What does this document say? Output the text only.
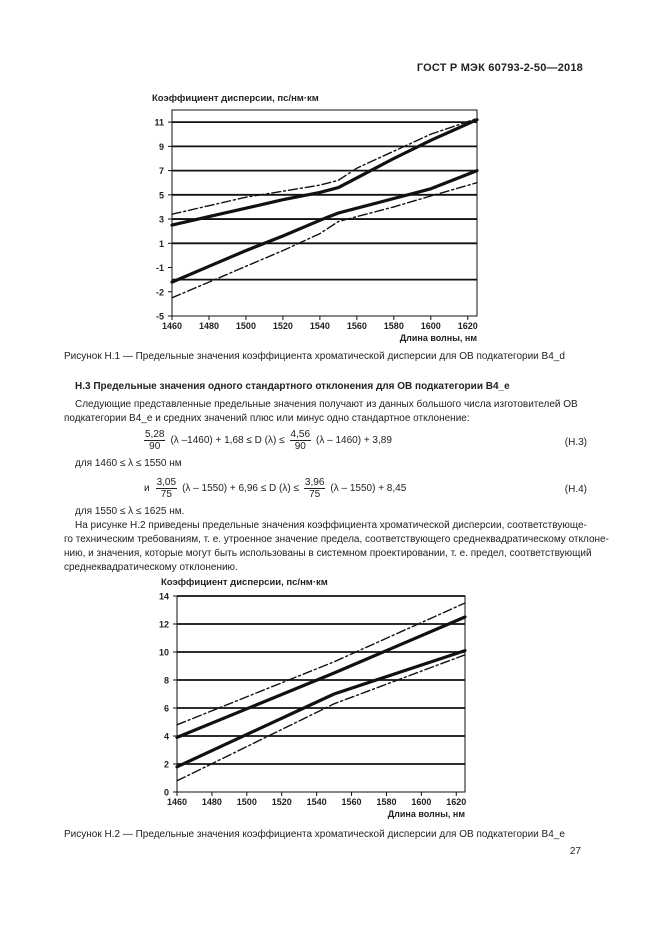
ГОСТ Р МЭК 60793-2-50—2018
Коэффициент дисперсии, пс/нм·км
-5
-2
-1
1
3
5
7
9
11
1460 1480 1500 1520 1540 1560 1580 1600 1620
Длина волны, нм
Рисунок Н.1 — Предельные значения коэффициента хроматической дисперсии для ОВ подкатегории В4_d
Н.3 Предельные значения одного стандартного отклонения для ОВ подкатегории В4_e
Следующие представленные предельные значения получают из данных большого числа изготовителей ОВ
подкатегории В4_e и средних значений плюс или минус одно стандартное отклонение:
$\frac{5,28}{90} (\lambda$ –1460) + 1,68 ≤ D $(\lambda) \le \frac{4,56}{90} (\lambda - 1460) + 3,89$	(Н.3)
для 1460 ≤ λ ≤ 1550 нм
и $\frac{3,05}{75} (\lambda - 1550) + 6,96 \le D$ $(\lambda) \le \frac{3,96}{75} (\lambda - 1550) + 8,45$	(Н.4)
для 1550 ≤ λ ≤ 1625 нм.
На рисунке Н.2 приведены предельные значения коэффициента хроматической дисперсии, соответствующе-
го техническим требованиям, т. е. утроенное значение предела, соответствующего среднеквадратическому отклоне-
нию, и значения, которые могут быть использованы в системном проектировании, т. е. предел, соответствующий
среднеквадратическому отклонению.
Коэффициент дисперсии, пс/нм·км
0
2
4
6
8
10
12
14
1460 1480 1500 1520 1540 1560 1580 1600 1620
Длина волны, нм
Рисунок Н.2 — Предельные значения коэффициента хроматической дисперсии для ОВ подкатегории В4_e
27
